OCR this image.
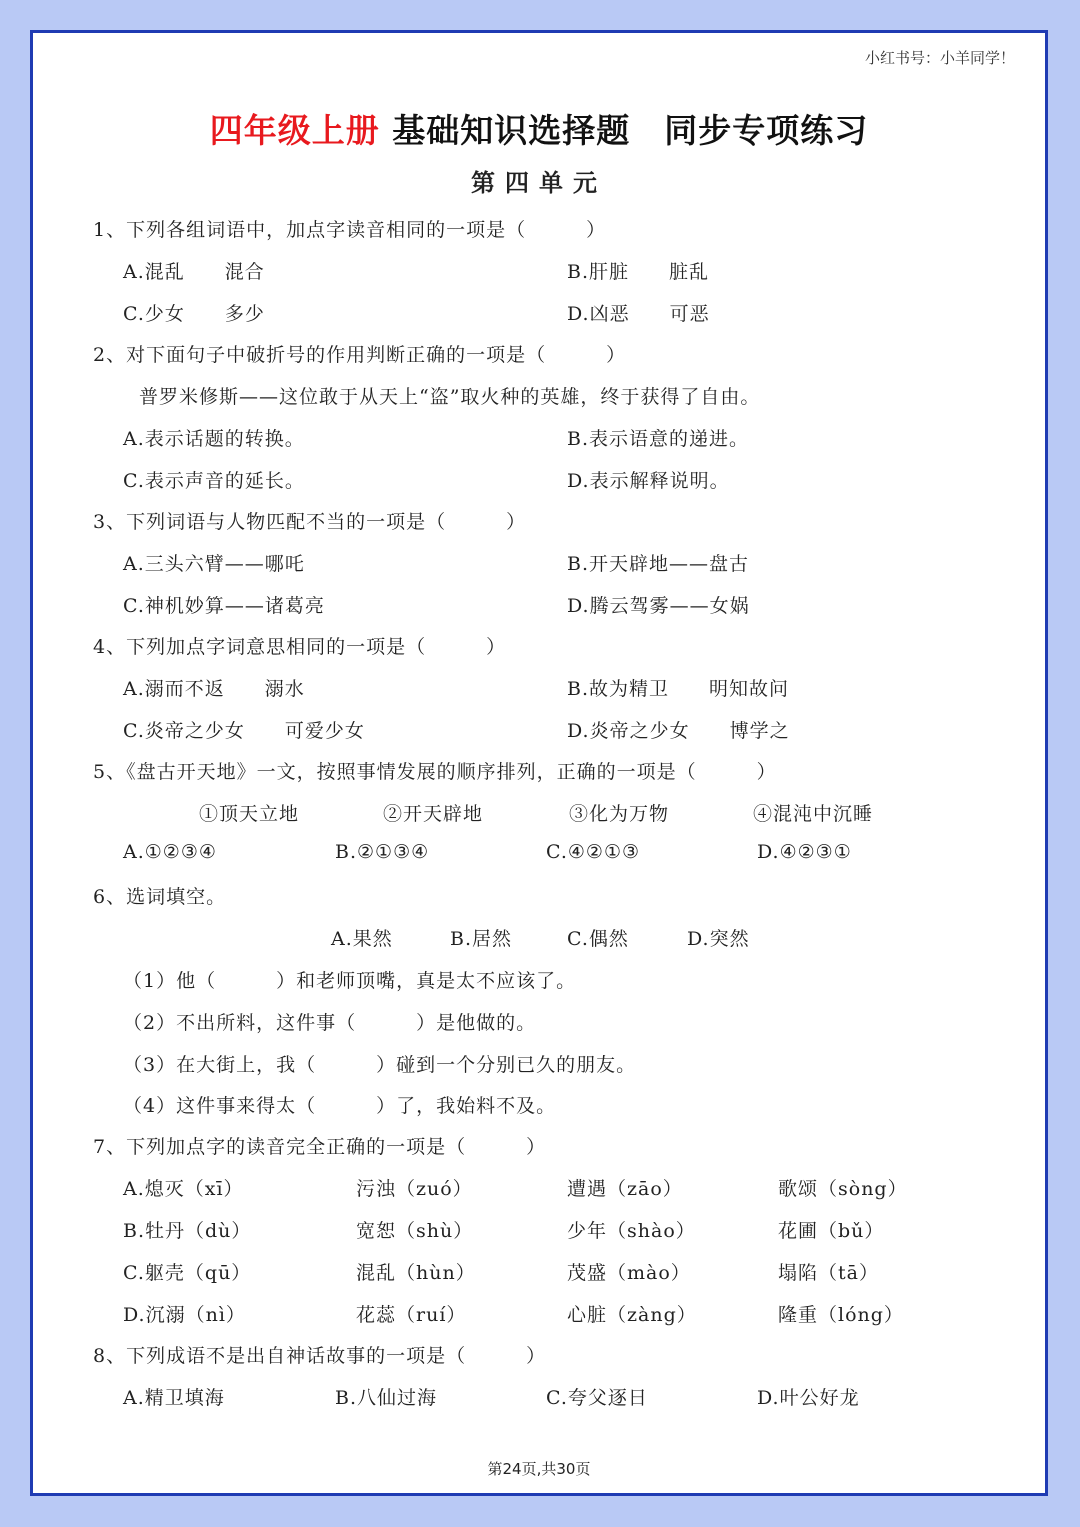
小红书号：小羊同学！
四年级上册 基础知识选择题　同步专项练习
第四单元
1、下列各组词语中，加点字读音相同的一项是（　　　）
A.混乱　　混合	B.肝脏　　脏乱
C.少女　　多少	D.凶恶　　可恶
2、对下面句子中破折号的作用判断正确的一项是（　　　）
普罗米修斯——这位敢于从天上“盗”取火种的英雄，终于获得了自由。
A.表示话题的转换。	B.表示语意的递进。
C.表示声音的延长。	D.表示解释说明。
3、下列词语与人物匹配不当的一项是（　　　）
A.三头六臂——哪吒	B.开天辟地——盘古
C.神机妙算——诸葛亮	D.腾云驾雾——女娲
4、下列加点字词意思相同的一项是（　　　）
A.溺而不返　　溺水	B.故为精卫　　明知故问
C.炎帝之少女　　可爱少女	D.炎帝之少女　　博学之
5、《盘古开天地》一文，按照事情发展的顺序排列，正确的一项是（　　　）
①顶天立地	②开天辟地	③化为万物	④混沌中沉睡
A.①②③④	B.②①③④	C.④②①③	D.④②③①
6、选词填空。
A.果然	B.居然	C.偶然	D.突然
（1）他（　　　）和老师顶嘴，真是太不应该了。
（2）不出所料，这件事（　　　）是他做的。
（3）在大街上，我（　　　）碰到一个分别已久的朋友。
（4）这件事来得太（　　　）了，我始料不及。
7、下列加点字的读音完全正确的一项是（　　　）
A.熄灭（xī）	污浊（zuó）	遭遇（zāo）	歌颂（sòng）
B.牡丹（dù）	宽恕（shù）	少年（shào）	花圃（bǔ）
C.躯壳（qū）	混乱（hùn）	茂盛（mào）	塌陷（tā）
D.沉溺（nì）	花蕊（ruí）	心脏（zàng）	隆重（lóng）
8、下列成语不是出自神话故事的一项是（　　　）
A.精卫填海	B.八仙过海	C.夸父逐日	D.叶公好龙
第24页,共30页
